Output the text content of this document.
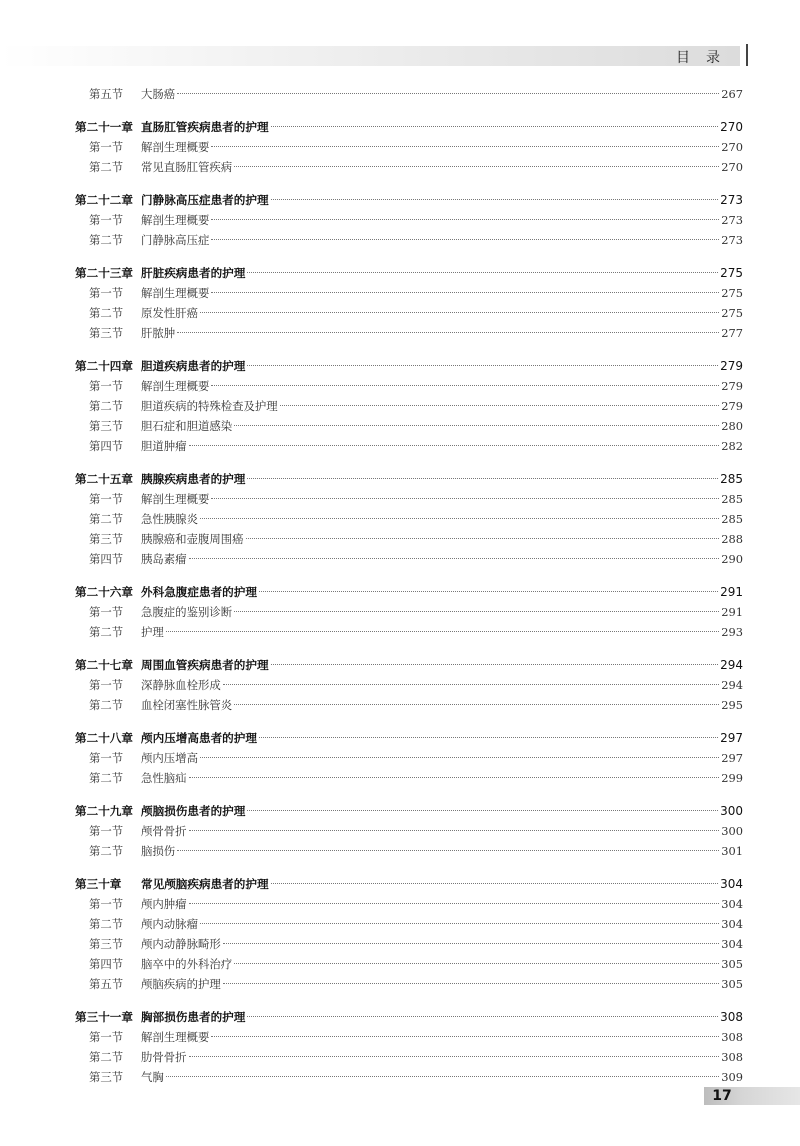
目录
第五节	大肠癌	267
第二十一章 直肠肛管疾病患者的护理	270
第一节	解剖生理概要	270
第二节	常见直肠肛管疾病	270
第二十二章 门静脉高压症患者的护理	273
第一节	解剖生理概要	273
第二节	门静脉高压症	273
第二十三章 肝脏疾病患者的护理	275
第一节	解剖生理概要	275
第二节	原发性肝癌	275
第三节	肝脓肿	277
第二十四章 胆道疾病患者的护理	279
第一节	解剖生理概要	279
第二节	胆道疾病的特殊检查及护理	279
第三节	胆石症和胆道感染	280
第四节	胆道肿瘤	282
第二十五章 胰腺疾病患者的护理	285
第一节	解剖生理概要	285
第二节	急性胰腺炎	285
第三节	胰腺癌和壶腹周围癌	288
第四节	胰岛素瘤	290
第二十六章 外科急腹症患者的护理	291
第一节	急腹症的鉴别诊断	291
第二节	护理	293
第二十七章 周围血管疾病患者的护理	294
第一节	深静脉血栓形成	294
第二节	血栓闭塞性脉管炎	295
第二十八章 颅内压增高患者的护理	297
第一节	颅内压增高	297
第二节	急性脑疝	299
第二十九章 颅脑损伤患者的护理	300
第一节	颅骨骨折	300
第二节	脑损伤	301
第三十章	常见颅脑疾病患者的护理	304
第一节	颅内肿瘤	304
第二节	颅内动脉瘤	304
第三节	颅内动静脉畸形	304
第四节	脑卒中的外科治疗	305
第五节	颅脑疾病的护理	305
第三十一章 胸部损伤患者的护理	308
第一节	解剖生理概要	308
第二节	肋骨骨折	308
第三节	气胸	309
17
